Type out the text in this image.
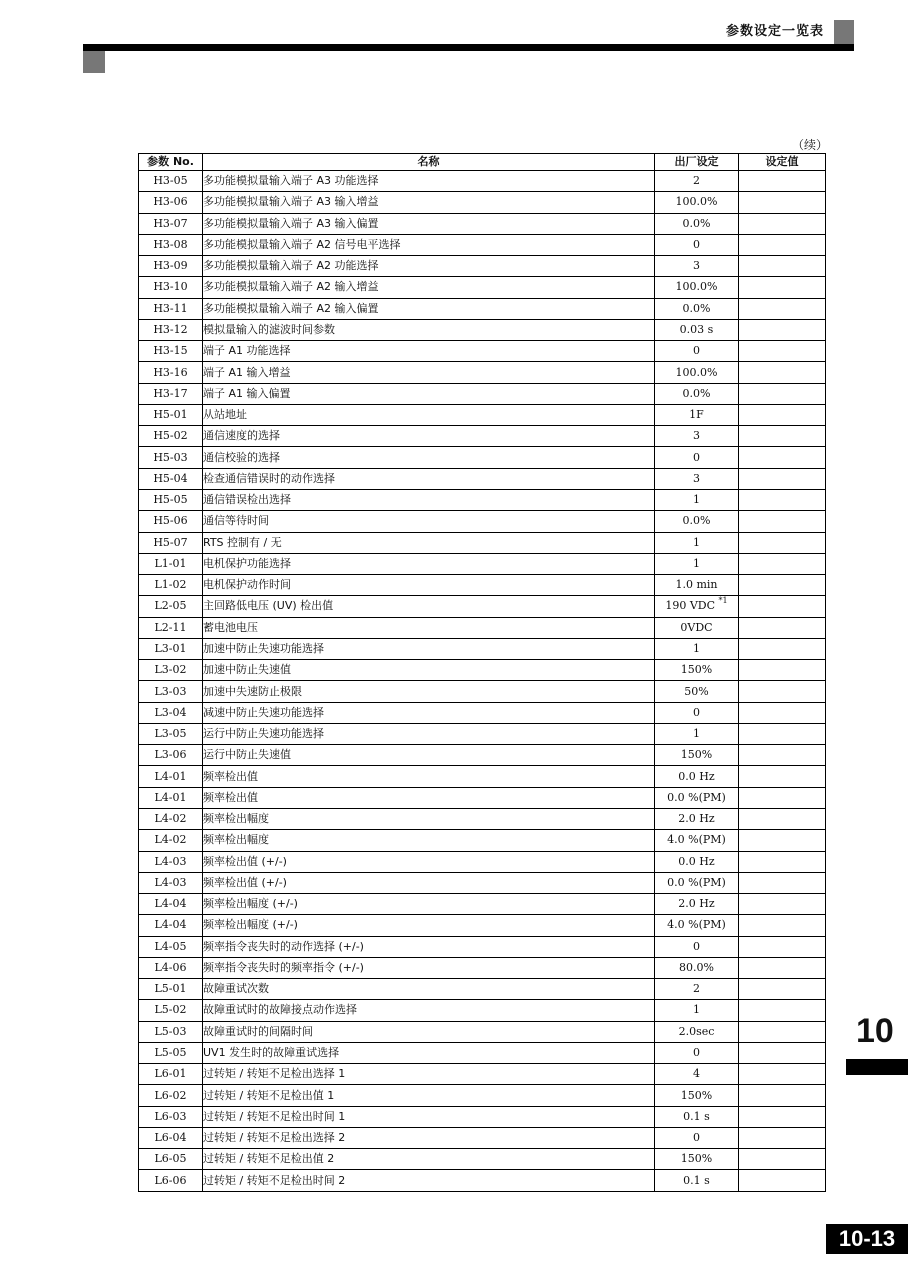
参数设定一览表
（续）
参数 No.	名称	出厂设定	设定值
H3-05	多功能模拟量输入端子 A3 功能选择	2	
H3-06	多功能模拟量输入端子 A3 输入增益	100.0%	
H3-07	多功能模拟量输入端子 A3 输入偏置	0.0%	
H3-08	多功能模拟量输入端子 A2 信号电平选择	0	
H3-09	多功能模拟量输入端子 A2 功能选择	3	
H3-10	多功能模拟量输入端子 A2 输入增益	100.0%	
H3-11	多功能模拟量输入端子 A2 输入偏置	0.0%	
H3-12	模拟量输入的滤波时间参数	0.03 s	
H3-15	端子 A1 功能选择	0	
H3-16	端子 A1 输入增益	100.0%	
H3-17	端子 A1 输入偏置	0.0%	
H5-01	从站地址	1F	
H5-02	通信速度的选择	3	
H5-03	通信校验的选择	0	
H5-04	检查通信错误时的动作选择	3	
H5-05	通信错误检出选择	1	
H5-06	通信等待时间	0.0%	
H5-07	RTS 控制有 / 无	1	
L1-01	电机保护功能选择	1	
L1-02	电机保护动作时间	1.0 min	
L2-05	主回路低电压 (UV) 检出值	190 VDC $^{*1}$	
L2-11	蓄电池电压	0VDC	
L3-01	加速中防止失速功能选择	1	
L3-02	加速中防止失速值	150%	
L3-03	加速中失速防止极限	50%	
L3-04	减速中防止失速功能选择	0	
L3-05	运行中防止失速功能选择	1	
L3-06	运行中防止失速值	150%	
L4-01	频率检出值	0.0 Hz	
L4-01	频率检出值	0.0 %(PM)	
L4-02	频率检出幅度	2.0 Hz	
L4-02	频率检出幅度	4.0 %(PM)	
L4-03	频率检出值 (+/-)	0.0 Hz	
L4-03	频率检出值 (+/-)	0.0 %(PM)	
L4-04	频率检出幅度 (+/-)	2.0 Hz	
L4-04	频率检出幅度 (+/-)	4.0 %(PM)	
L4-05	频率指令丧失时的动作选择 (+/-)	0	
L4-06	频率指令丧失时的频率指令 (+/-)	80.0%	
L5-01	故障重试次数	2	
L5-02	故障重试时的故障接点动作选择	1	
L5-03	故障重试时的间隔时间	2.0sec	
L5-05	UV1 发生时的故障重试选择	0	
L6-01	过转矩 / 转矩不足检出选择 1	4	
L6-02	过转矩 / 转矩不足检出值 1	150%	
L6-03	过转矩 / 转矩不足检出时间 1	0.1 s	
L6-04	过转矩 / 转矩不足检出选择 2	0	
L6-05	过转矩 / 转矩不足检出值 2	150%	
L6-06	过转矩 / 转矩不足检出时间 2	0.1 s	
10
10-13
